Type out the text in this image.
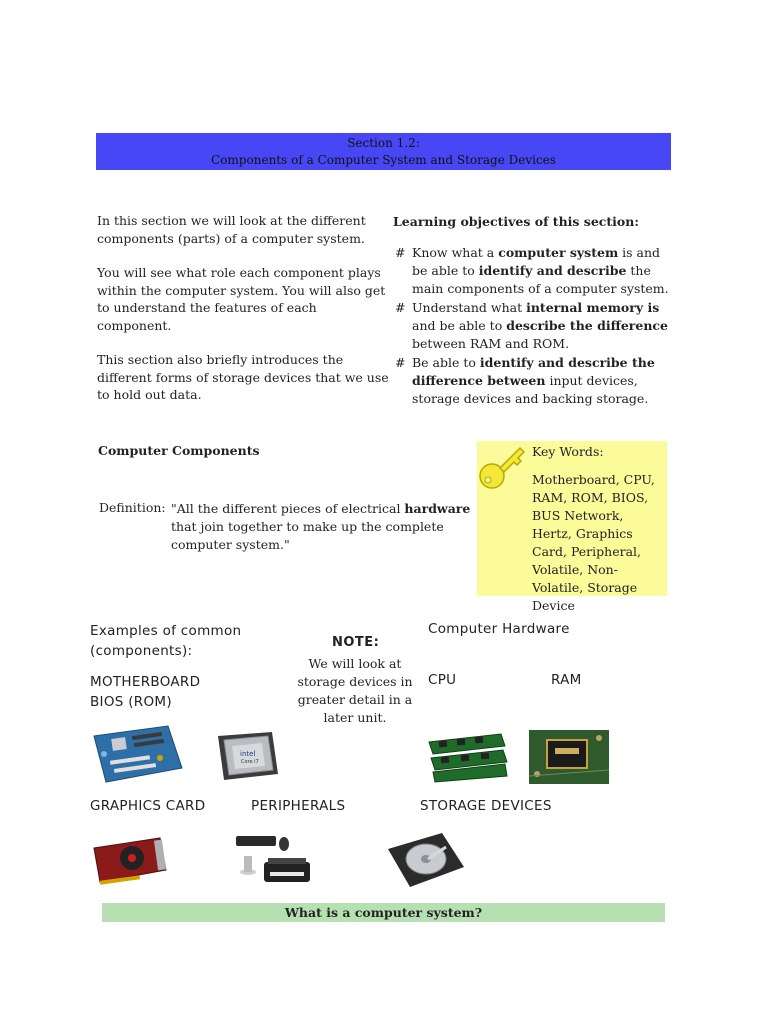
Section 1.2:
Components of a Computer System and Storage Devices

In this section we will look at the different components (parts) of a computer system.

You will see what role each component plays within the computer system. You will also get to understand the features of each component.

This section also briefly introduces the different forms of storage devices that we use to hold out data.

Learning objectives of this section:
# Know what a computer system is and be able to identify and describe the main components of a computer system.
# Understand what internal memory is and be able to describe the difference between RAM and ROM.
# Be able to identify and describe the difference between input devices, storage devices and backing storage.
Computer Components
Definition: "All the different pieces of electrical hardware that join together to make up the complete computer system."
Key Words:
Motherboard, CPU, RAM, ROM, BIOS, BUS Network, Hertz, Graphics Card, Peripheral, Volatile, Non-Volatile, Storage Device
Examples of common
(components):
NOTE:
We will look at storage devices in greater detail in a later unit.
Computer Hardware
MOTHERBOARD
BIOS (ROM)
CPU	RAM
intel
Core i7
GRAPHICS CARD	PERIPHERALS	STORAGE DEVICES
What is a computer system?
